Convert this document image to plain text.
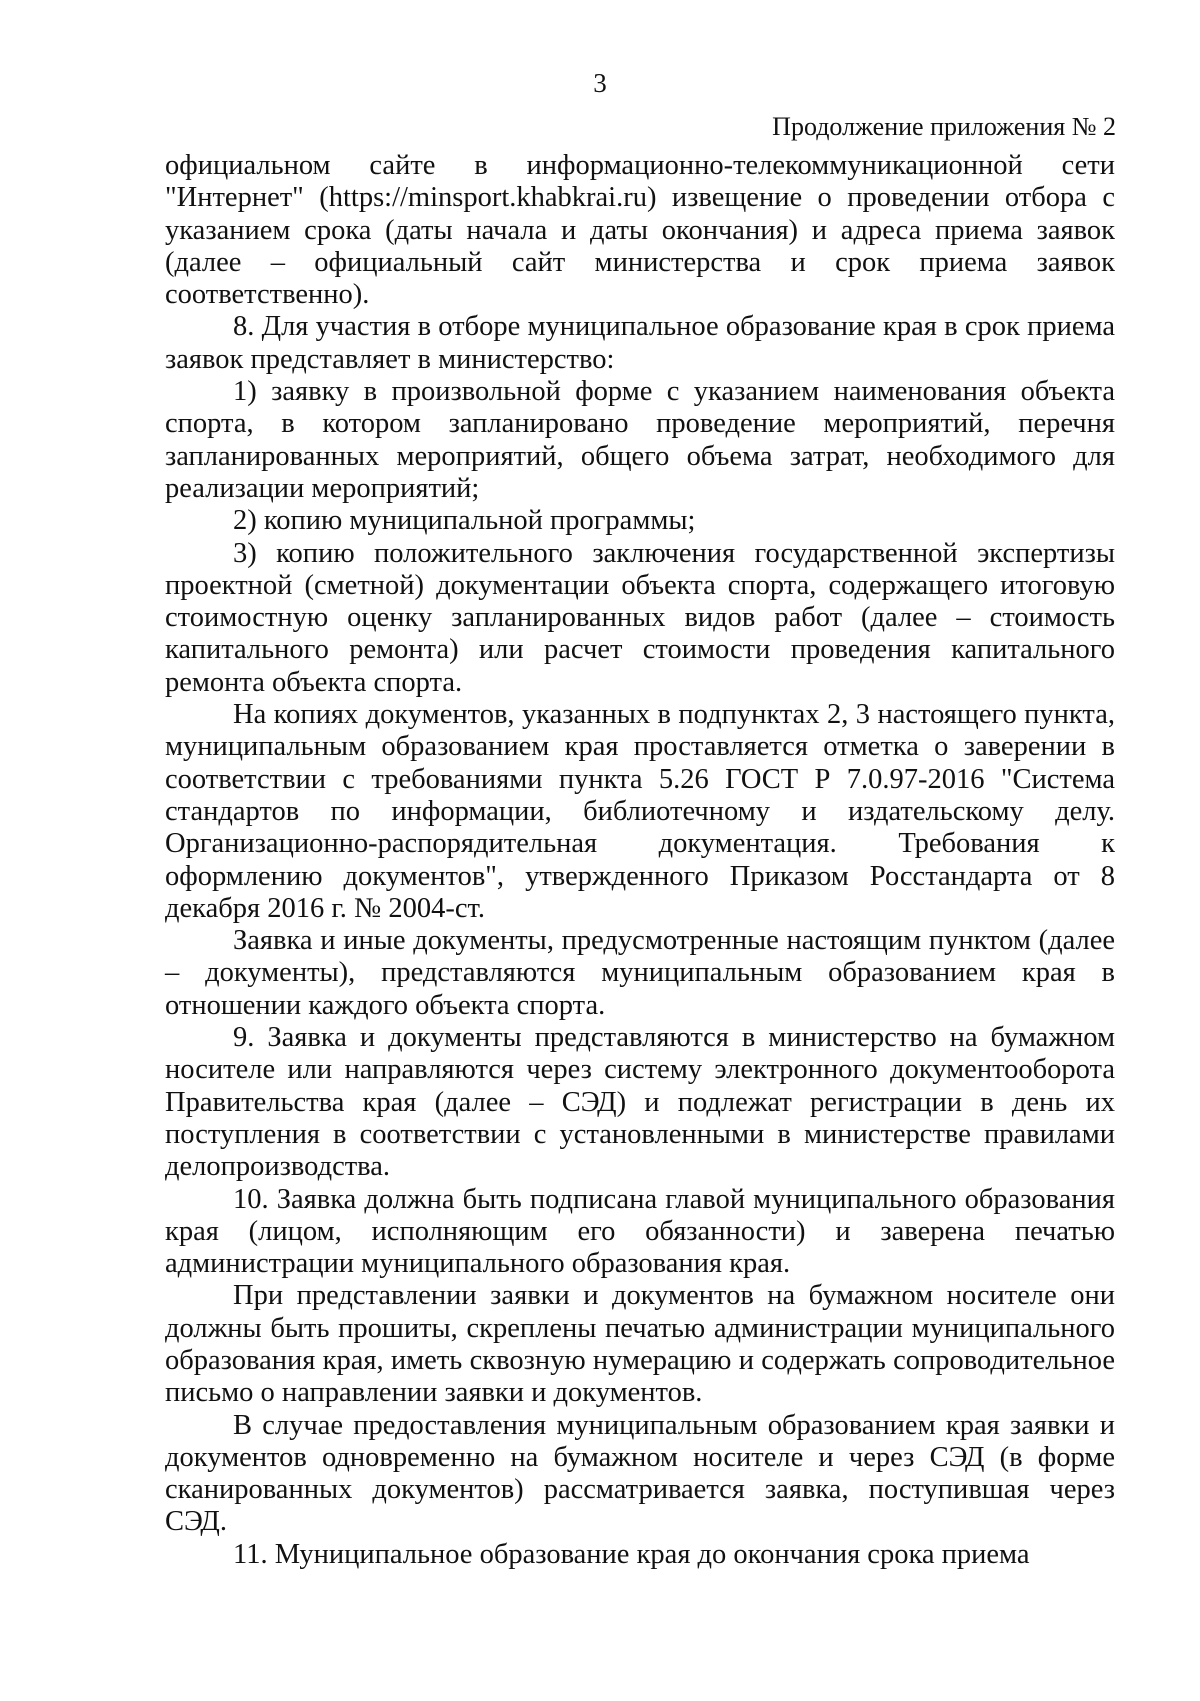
3
Продолжение приложения № 2

официальном сайте в информационно-телекоммуникационной сети "Интернет" (https://minsport.khabkrai.ru) извещение о проведении отбора с указанием срока (даты начала и даты окончания) и адреса приема заявок (далее – официальный сайт министерства и срок приема заявок соответственно).

8. Для участия в отборе муниципальное образование края в срок приема заявок представляет в министерство:

1) заявку в произвольной форме с указанием наименования объекта спорта, в котором запланировано проведение мероприятий, перечня запланированных мероприятий, общего объема затрат, необходимого для реализации мероприятий;

2) копию муниципальной программы;

3) копию положительного заключения государственной экспертизы проектной (сметной) документации объекта спорта, содержащего итоговую стоимостную оценку запланированных видов работ (далее – стоимость капитального ремонта) или расчет стоимости проведения капитального ремонта объекта спорта.

На копиях документов, указанных в подпунктах 2, 3 настоящего пункта, муниципальным образованием края проставляется отметка о заверении в соответствии с требованиями пункта 5.26 ГОСТ Р 7.0.97-2016 "Система стандартов по информации, библиотечному и издательскому делу. Организационно-распорядительная документация. Требования к оформлению документов", утвержденного Приказом Росстандарта от 8 декабря 2016 г. № 2004-ст.

Заявка и иные документы, предусмотренные настоящим пунктом (далее – документы), представляются муниципальным образованием края в отношении каждого объекта спорта.

9. Заявка и документы представляются в министерство на бумажном носителе или направляются через систему электронного документооборота Правительства края (далее – СЭД) и подлежат регистрации в день их поступления в соответствии с установленными в министерстве правилами делопроизводства.

10. Заявка должна быть подписана главой муниципального образования края (лицом, исполняющим его обязанности) и заверена печатью администрации муниципального образования края.

При представлении заявки и документов на бумажном носителе они должны быть прошиты, скреплены печатью администрации муниципального образования края, иметь сквозную нумерацию и содержать сопроводительное письмо о направлении заявки и документов.

В случае предоставления муниципальным образованием края заявки и документов одновременно на бумажном носителе и через СЭД (в форме сканированных документов) рассматривается заявка, поступившая через СЭД.

11. Муниципальное образование края до окончания срока приема
